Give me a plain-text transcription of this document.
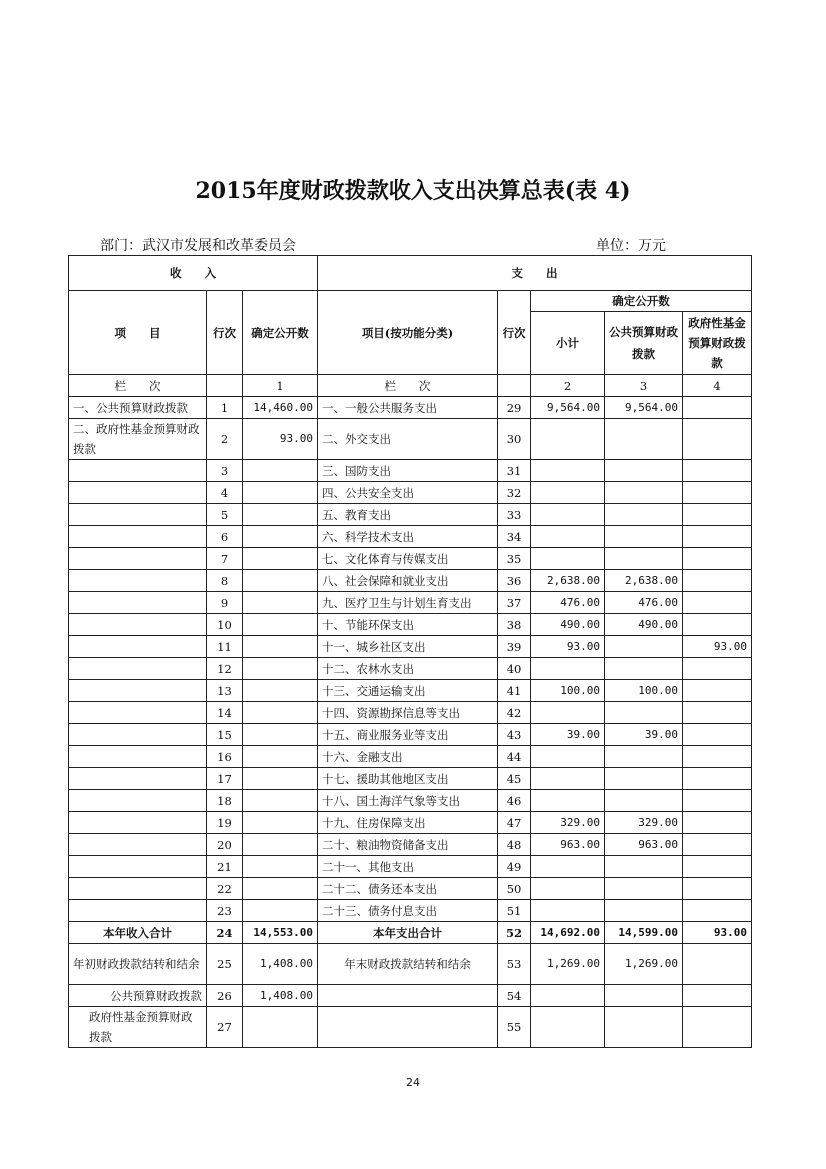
2015年度财政拨款收入支出决算总表(表 4)
部门：武汉市发展和改革委员会	单位：万元
收　　入			支　　出				
项　　目	行次	确定公开数	项目(按功能分类)	行次	确定公开数		
					小计	公共预算财政拨款	政府性基金预算财政拨款
栏　　次		1	栏　　次		2	3	4
一、公共预算财政拨款	1	14,460.00	一、一般公共服务支出	29	9,564.00	9,564.00	
二、政府性基金预算财政拨款	2	93.00	二、外交支出	30			
	3		三、国防支出	31			
	4		四、公共安全支出	32			
	5		五、教育支出	33			
	6		六、科学技术支出	34			
	7		七、文化体育与传媒支出	35			
	8		八、社会保障和就业支出	36	2,638.00	2,638.00	
	9		九、医疗卫生与计划生育支出	37	476.00	476.00	
	10		十、节能环保支出	38	490.00	490.00	
	11		十一、城乡社区支出	39	93.00		93.00
	12		十二、农林水支出	40			
	13		十三、交通运输支出	41	100.00	100.00	
	14		十四、资源勘探信息等支出	42			
	15		十五、商业服务业等支出	43	39.00	39.00	
	16		十六、金融支出	44			
	17		十七、援助其他地区支出	45			
	18		十八、国土海洋气象等支出	46			
	19		十九、住房保障支出	47	329.00	329.00	
	20		二十、粮油物资储备支出	48	963.00	963.00	
	21		二十一、其他支出	49			
	22		二十二、债务还本支出	50			
	23		二十三、债务付息支出	51			
本年收入合计	24	14,553.00	本年支出合计	52	14,692.00	14,599.00	93.00
年初财政拨款结转和结余	25	1,408.00	年末财政拨款结转和结余	53	1,269.00	1,269.00	
公共预算财政拨款	26	1,408.00		54			
政府性基金预算财政拨款	27			55			
24
